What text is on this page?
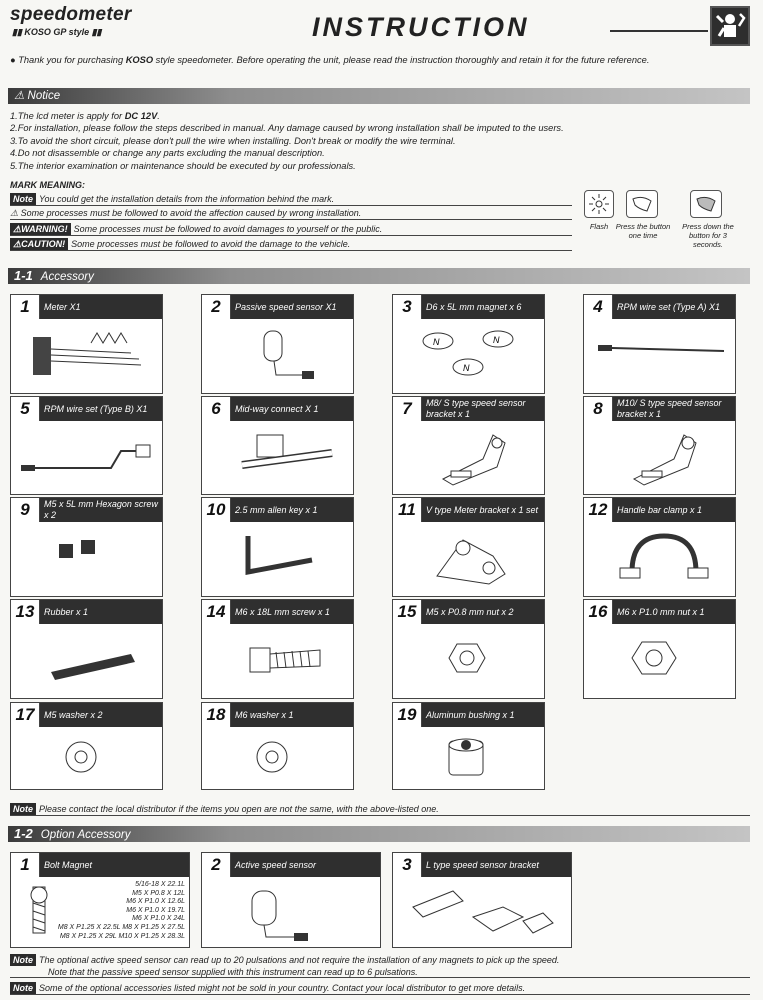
speedometer
▮▮ KOSO GP style ▮▮	INSTRUCTION
● Thank you for purchasing KOSO style speedometer. Before operating the unit, please read the instruction thoroughly and retain it for the future reference.
⚠ Notice
1.The lcd meter is apply for DC 12V.
2.For installation, please follow the steps described in manual. Any damage caused by wrong installation shall be imputed to the users.
3.To avoid the short circuit, please don't pull the wire when installing. Don't break or modify the wire terminal.
4.Do not disassemble or change any parts excluding the manual description.
5.The interior examination or maintenance should be executed by our professionals.
MARK MEANING:
Note You could get the installation details from the information behind the mark.
⚠ Some processes must be followed to avoid the affection caused by wrong installation.
⚠WARNING! Some processes must be followed to avoid damages to yourself or the public.
⚠CAUTION! Some processes must be followed to avoid the damage to the vehicle.
Flash	Press the button one time
Press down the button for 3 seconds.
1-1 Accessory
1	Meter X1	2	Passive speed sensor X1	3	D6 x 5L mm magnet x 6
N	N
N
4	RPM wire set (Type A) X1
5	RPM wire set (Type B) X1	6	Mid-way connect X 1	7	M8/ S type speed sensor bracket x 1	8	M10/ S type speed sensor bracket x 1
9	M5 x 5L mm Hexagon screw x 2	10	2.5 mm allen key x 1	11	V type Meter bracket x 1 set	12	Handle bar clamp x 1
13	Rubber x 1	14	M6 x 18L mm screw x 1	15	M5 x P0.8 mm nut x 2	16	M6 x P1.0 mm nut x 1
17	M5 washer x 2	18	M6 washer x 1	19	Aluminum bushing x 1
Note Please contact the local distributor if the items you open are not the same, with the above-listed one.
1-2 Option Accessory
1	Bolt Magnet
5/16-18 X 22.1L
M5 X P0.8 X 12L
M6 X P1.0 X 12.6L
M6 X P1.0 X 19.7L
M6 X P1.0 X 24L
M8 X P1.25 X 22.5L M8 X P1.25 X 27.5L
M8 X P1.25 X 29L M10 X P1.25 X 28.3L
2	Active speed sensor	3	L type speed sensor bracket
Note The optional active speed sensor can read up to 20 pulsations and not require the installation of any magnets to pick up the speed.
Note that the passive speed sensor supplied with this instrument can read up to 6 pulsations.
Note Some of the optional accessories listed might not be sold in your country. Contact your local distributor to get more details.
